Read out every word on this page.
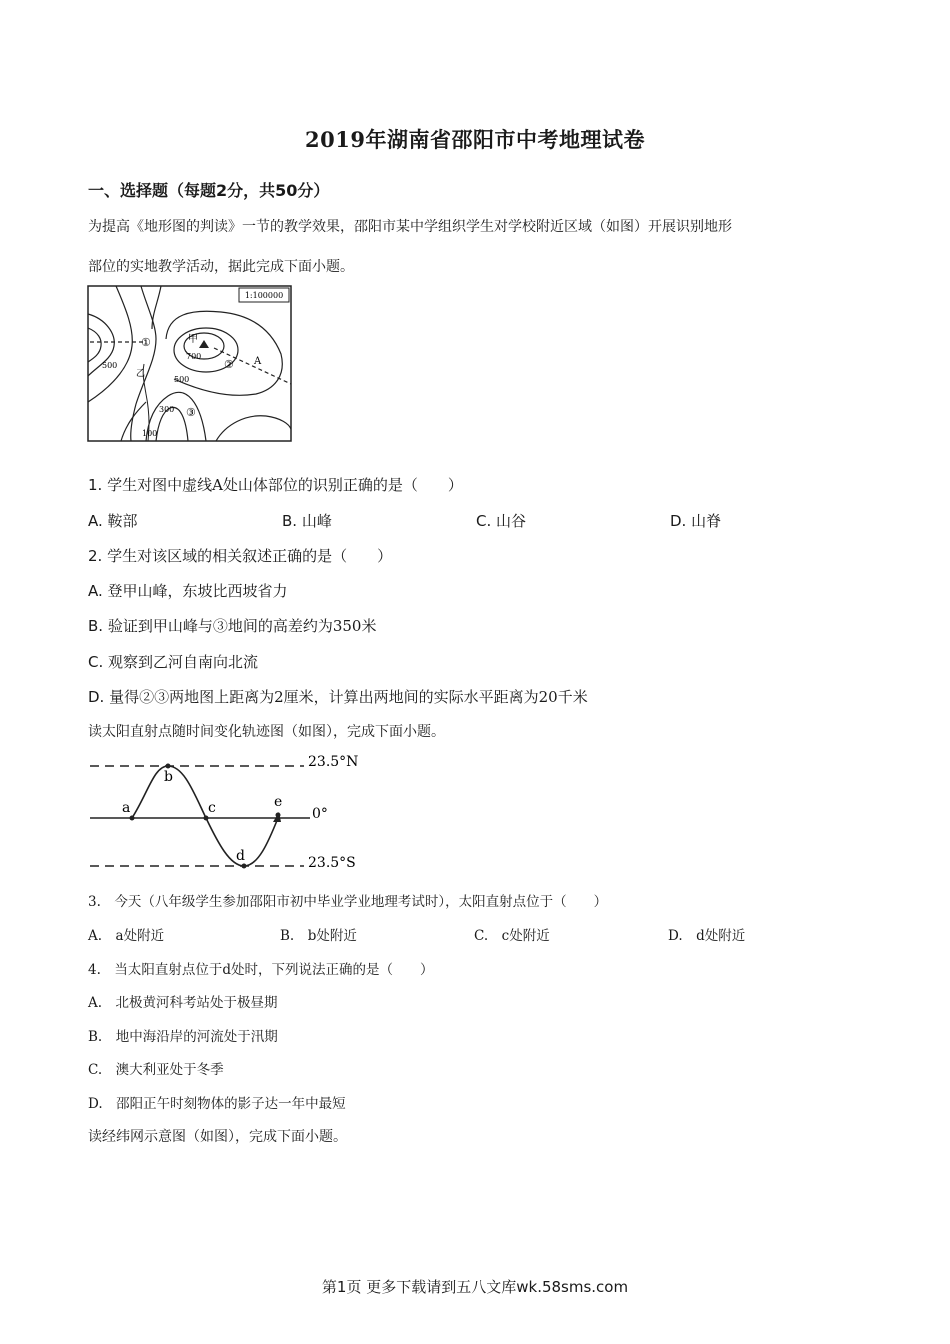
2019年湖南省邵阳市中考地理试卷
一、选择题（每题2分，共50分）
为提高《地形图的判读》一节的教学效果，邵阳市某中学组织学生对学校附近区域（如图）开展识别地形
部位的实地教学活动，据此完成下面小题。
1:100000
甲
700
①
②
③
A
乙
500
500
300
100
1. 学生对图中虚线A处山体部位的识别正确的是（　　）
A. 鞍部	B. 山峰	C. 山谷	D. 山脊
2. 学生对该区域的相关叙述正确的是（　　）
A. 登甲山峰，东坡比西坡省力
B. 验证到甲山峰与③地间的高差约为350米
C. 观察到乙河自南向北流
D. 量得②③两地图上距离为2厘米，计算出两地间的实际水平距离为20千米
读太阳直射点随时间变化轨迹图（如图），完成下面小题。
a
b
c
d
e
23.5°N
0°
23.5°S
3.　今天（八年级学生参加邵阳市初中毕业学业地理考试时），太阳直射点位于（　　）
A.　a处附近	B.　b处附近	C.　c处附近	D.　d处附近
4.　当太阳直射点位于d处时，下列说法正确的是（　　）
A.　北极黄河科考站处于极昼期
B.　地中海沿岸的河流处于汛期
C.　澳大利亚处于冬季
D.　邵阳正午时刻物体的影子达一年中最短
读经纬网示意图（如图），完成下面小题。
第1页 更多下载请到五八文库wk.58sms.com
